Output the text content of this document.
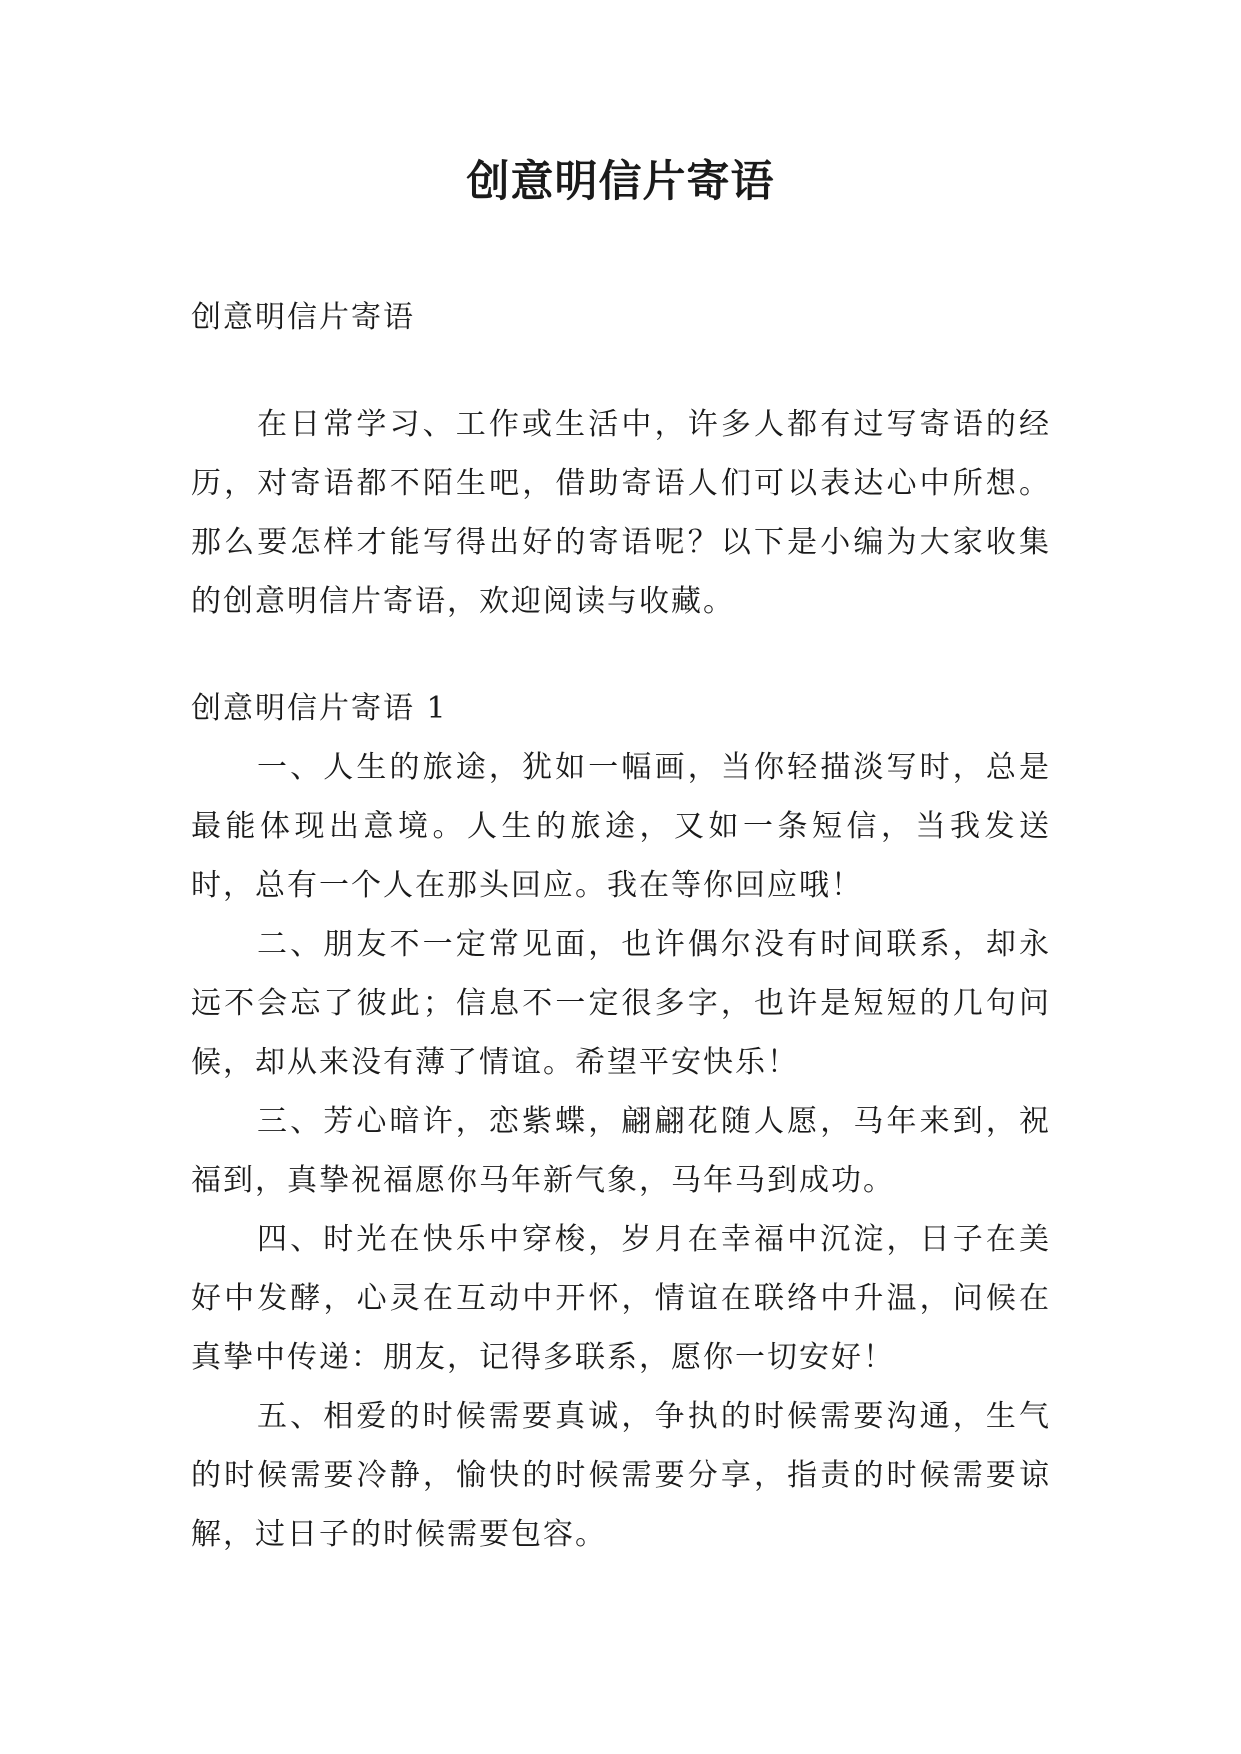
创意明信片寄语

创意明信片寄语

在日常学习、工作或生活中，许多人都有过写寄语的经历，对寄语都不陌生吧，借助寄语人们可以表达心中所想。那么要怎样才能写得出好的寄语呢？以下是小编为大家收集的创意明信片寄语，欢迎阅读与收藏。

创意明信片寄语 1

一、人生的旅途，犹如一幅画，当你轻描淡写时，总是最能体现出意境。人生的旅途，又如一条短信，当我发送时，总有一个人在那头回应。我在等你回应哦！

二、朋友不一定常见面，也许偶尔没有时间联系，却永远不会忘了彼此；信息不一定很多字，也许是短短的几句问候，却从来没有薄了情谊。希望平安快乐！

三、芳心暗许，恋紫蝶，翩翩花随人愿，马年来到，祝福到，真挚祝福愿你马年新气象，马年马到成功。

四、时光在快乐中穿梭，岁月在幸福中沉淀，日子在美好中发酵，心灵在互动中开怀，情谊在联络中升温，问候在真挚中传递：朋友，记得多联系，愿你一切安好！

五、相爱的时候需要真诚，争执的时候需要沟通，生气的时候需要冷静，愉快的时候需要分享，指责的时候需要谅解，过日子的时候需要包容。
